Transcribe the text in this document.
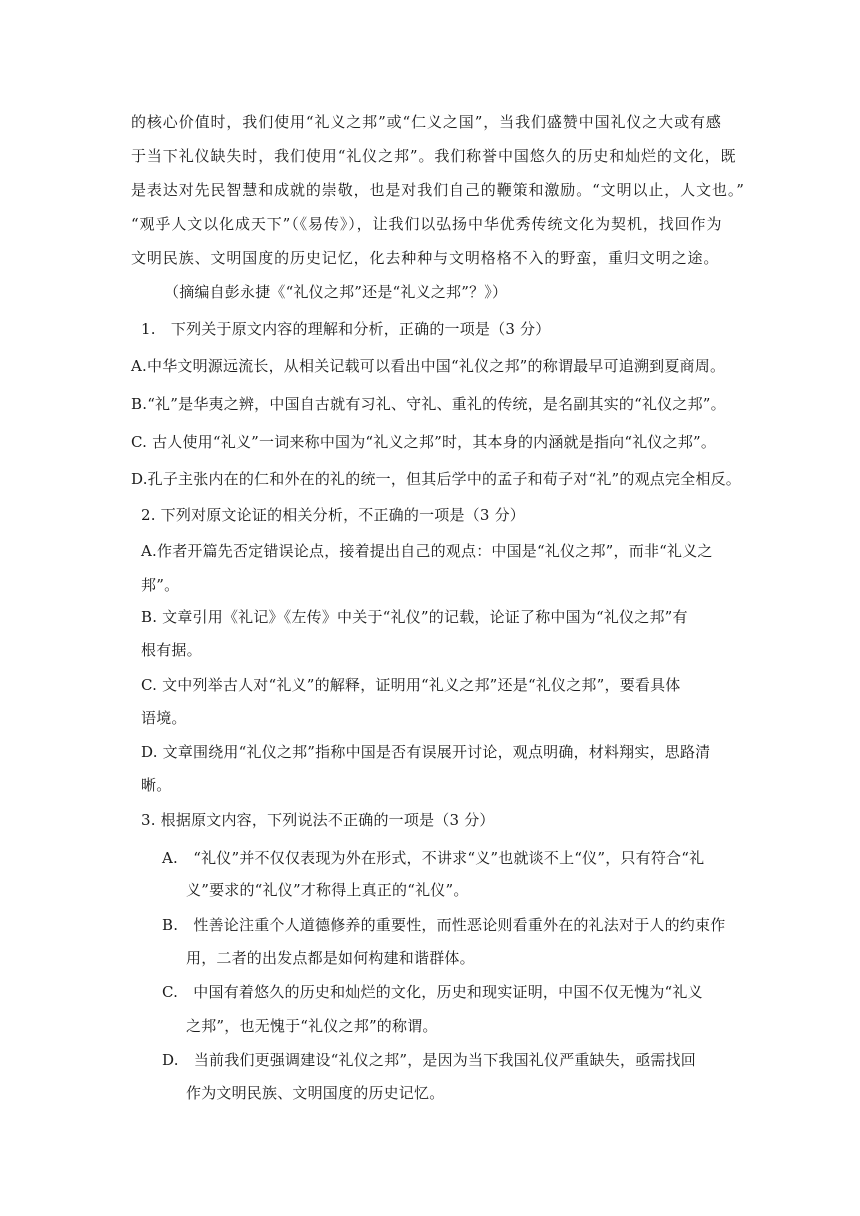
的核心价值时，我们使用“礼义之邦”或“仁义之国”，当我们盛赞中国礼仪之大或有感
于当下礼仪缺失时，我们使用“礼仪之邦”。我们称誉中国悠久的历史和灿烂的文化，既
是表达对先民智慧和成就的崇敬，也是对我们自己的鞭策和激励。“文明以止，人文也。”
“观乎人文以化成天下”（《易传》），让我们以弘扬中华优秀传统文化为契机，找回作为
文明民族、文明国度的历史记忆，化去种种与文明格格不入的野蛮，重归文明之途。
（摘编自彭永捷《“礼仪之邦”还是“礼义之邦”？》）
1.　下列关于原文内容的理解和分析，正确的一项是（3 分）
A.中华文明源远流长，从相关记载可以看出中国“礼仪之邦”的称谓最早可追溯到夏商周。
B.“礼”是华夷之辨，中国自古就有习礼、守礼、重礼的传统，是名副其实的“礼仪之邦”。
C. 古人使用“礼义”一词来称中国为“礼义之邦”时，其本身的内涵就是指向“礼仪之邦”。
D.孔子主张内在的仁和外在的礼的统一，但其后学中的孟子和荀子对“礼”的观点完全相反。
2. 下列对原文论证的相关分析，不正确的一项是（3 分）
A.作者开篇先否定错误论点，接着提出自己的观点：中国是“礼仪之邦”，而非“礼义之
邦”。
B. 文章引用《礼记》《左传》中关于“礼仪”的记载，论证了称中国为“礼仪之邦”有
根有据。
C. 文中列举古人对“礼义”的解释，证明用“礼义之邦”还是“礼仪之邦”，要看具体
语境。
D. 文章围绕用“礼仪之邦”指称中国是否有误展开讨论，观点明确，材料翔实，思路清
晰。
3. 根据原文内容，下列说法不正确的一项是（3 分）
A.　“礼仪”并不仅仅表现为外在形式，不讲求“义”也就谈不上“仪”，只有符合“礼
义”要求的“礼仪”才称得上真正的“礼仪”。
B.　性善论注重个人道德修养的重要性，而性恶论则看重外在的礼法对于人的约束作
用，二者的出发点都是如何构建和谐群体。
C.　中国有着悠久的历史和灿烂的文化，历史和现实证明，中国不仅无愧为“礼义
之邦”，也无愧于“礼仪之邦”的称谓。
D.　当前我们更强调建设“礼仪之邦”，是因为当下我国礼仪严重缺失，亟需找回
作为文明民族、文明国度的历史记忆。
